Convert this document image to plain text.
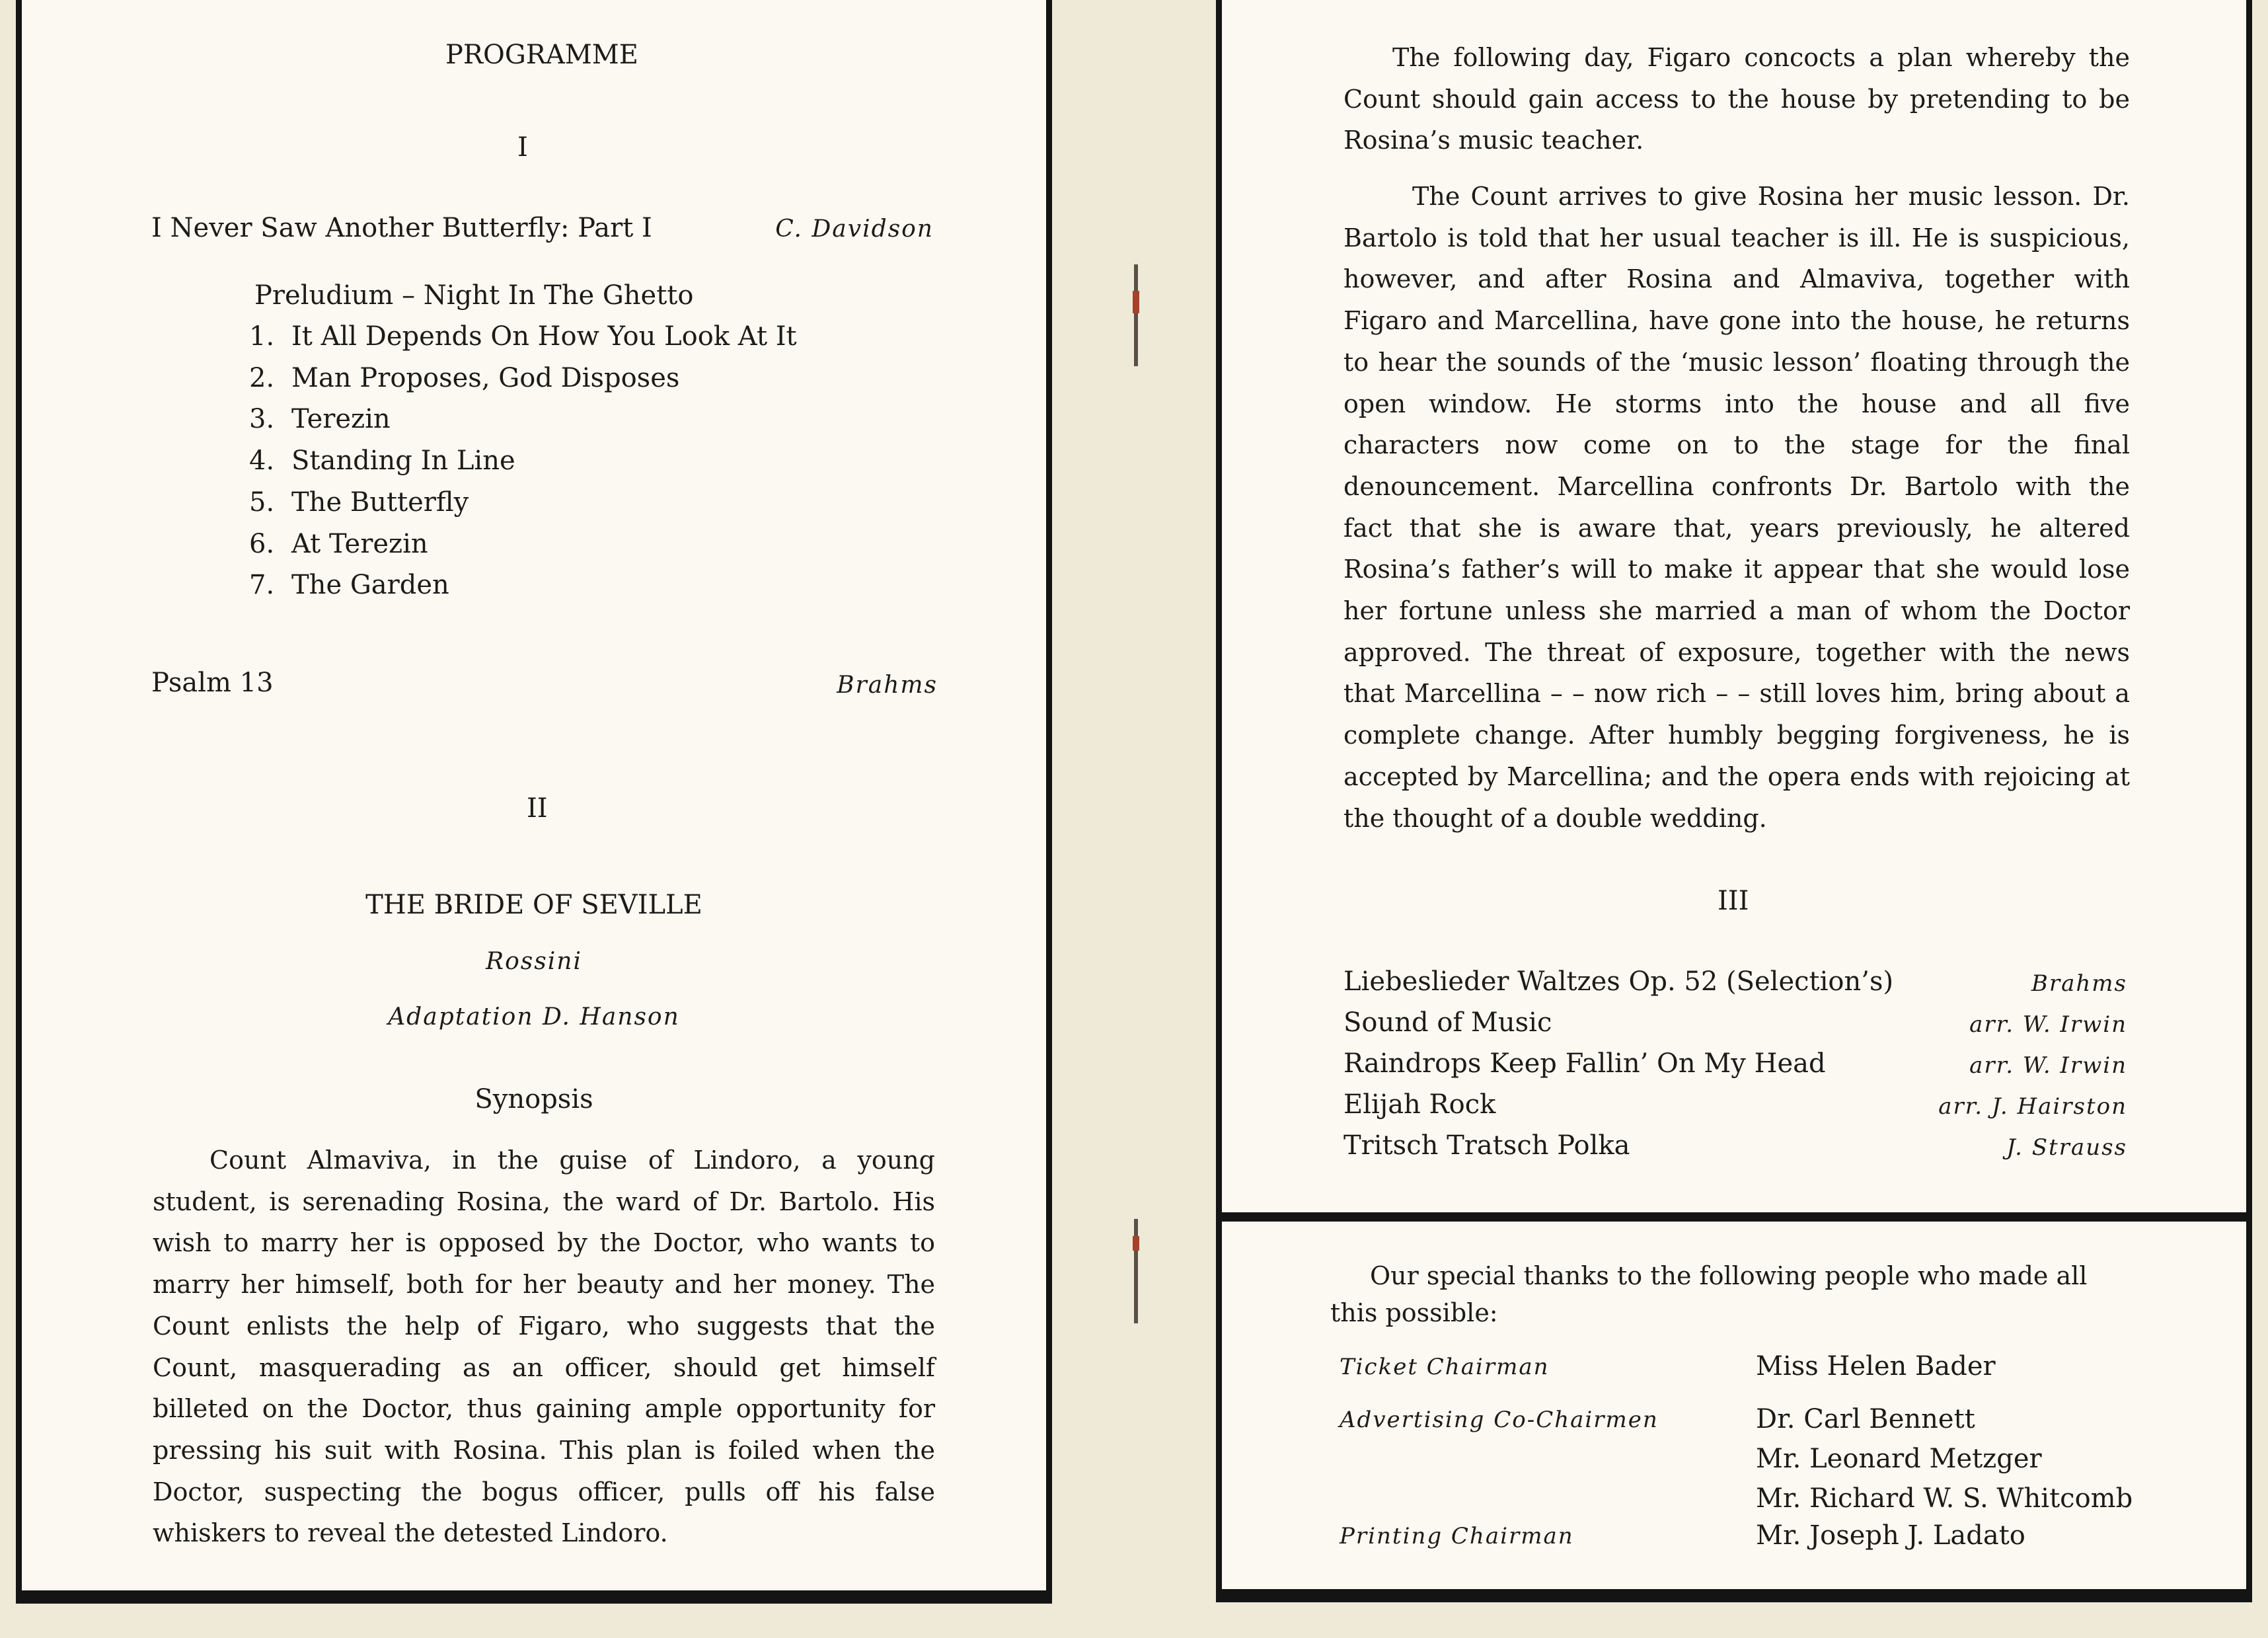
PROGRAMME

I

I Never Saw Another Butterfly: Part I	C. Davidson

Preludium – Night In The Ghetto

1. It All Depends On How You Look At It
2. Man Proposes, God Disposes
3. Terezin
4. Standing In Line
5. The Butterfly
6. At Terezin
7. The Garden

Psalm 13	Brahms

II

THE BRIDE OF SEVILLE

Rossini

Adaptation D. Hanson

Synopsis

Count Almaviva, in the guise of Lindoro, a young student, is serenading Rosina, the ward of Dr. Bartolo. His wish to marry her is opposed by the Doctor, who wants to marry her himself, both for her beauty and her money. The Count enlists the help of Figaro, who suggests that the Count, masquerading as an officer, should get himself billeted on the Doctor, thus gaining ample opportunity for pressing his suit with Rosina. This plan is foiled when the Doctor, suspecting the bogus officer, pulls off his false whiskers to reveal the detested Lindoro.

The following day, Figaro concocts a plan whereby the Count should gain access to the house by pretending to be Rosina’s music teacher.

The Count arrives to give Rosina her music lesson. Dr. Bartolo is told that her usual teacher is ill. He is suspicious, however, and after Rosina and Almaviva, together with Figaro and Marcellina, have gone into the house, he returns to hear the sounds of the ‘music lesson’ floating through the open window. He storms into the house and all five characters now come on to the stage for the final denouncement. Marcellina confronts Dr. Bartolo with the fact that she is aware that, years previously, he altered Rosina’s father’s will to make it appear that she would lose her fortune unless she married a man of whom the Doctor approved. The threat of exposure, together with the news that Marcellina – – now rich – – still loves him, bring about a complete change. After humbly begging forgiveness, he is accepted by Marcellina; and the opera ends with rejoicing at the thought of a double wedding.

III

Liebeslieder Waltzes Op. 52 (Selection’s)	Brahms
Sound of Music	arr. W. Irwin
Raindrops Keep Fallin’ On My Head	arr. W. Irwin
Elijah Rock	arr. J. Hairston
Tritsch Tratsch Polka	J. Strauss

Our special thanks to the following people who made all this possible:

Ticket Chairman	Miss Helen Bader
Advertising Co-Chairmen	Dr. Carl Bennett
Mr. Leonard Metzger
Mr. Richard W. S. Whitcomb
Printing Chairman	Mr. Joseph J. Ladato
